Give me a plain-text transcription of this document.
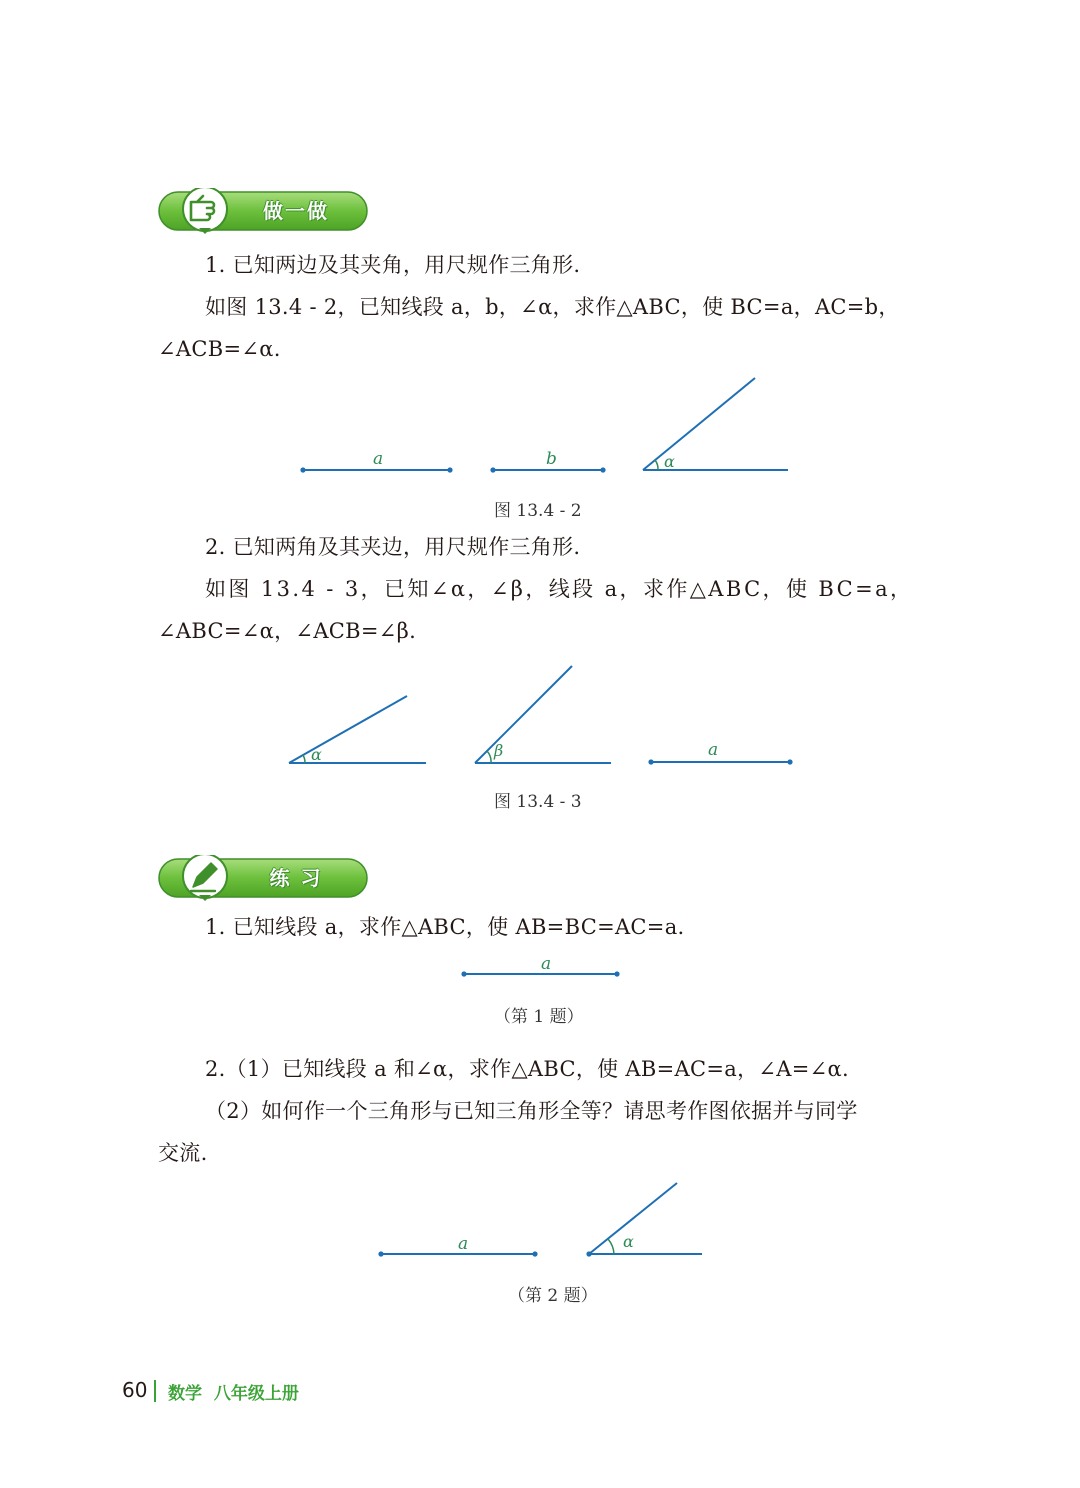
做一做
1. 已知两边及其夹角，用尺规作三角形.
如图 13.4 - 2，已知线段 a，b，∠α，求作△ABC，使 BC=a，AC=b，
∠ACB=∠α.
a	b	α
图 13.4 - 2
2. 已知两角及其夹边，用尺规作三角形.
如图 13.4 - 3，已知∠α，∠β，线段 a，求作△ABC，使 BC=a，
∠ABC=∠α，∠ACB=∠β.
α	β	a
图 13.4 - 3
练 习
1. 已知线段 a，求作△ABC，使 AB=BC=AC=a.
a
（第 1 题）
2.（1）已知线段 a 和∠α，求作△ABC，使 AB=AC=a，∠A=∠α.
（2）如何作一个三角形与已知三角形全等？请思考作图依据并与同学
交流.
a	α
（第 2 题）
60 数学  八年级上册
